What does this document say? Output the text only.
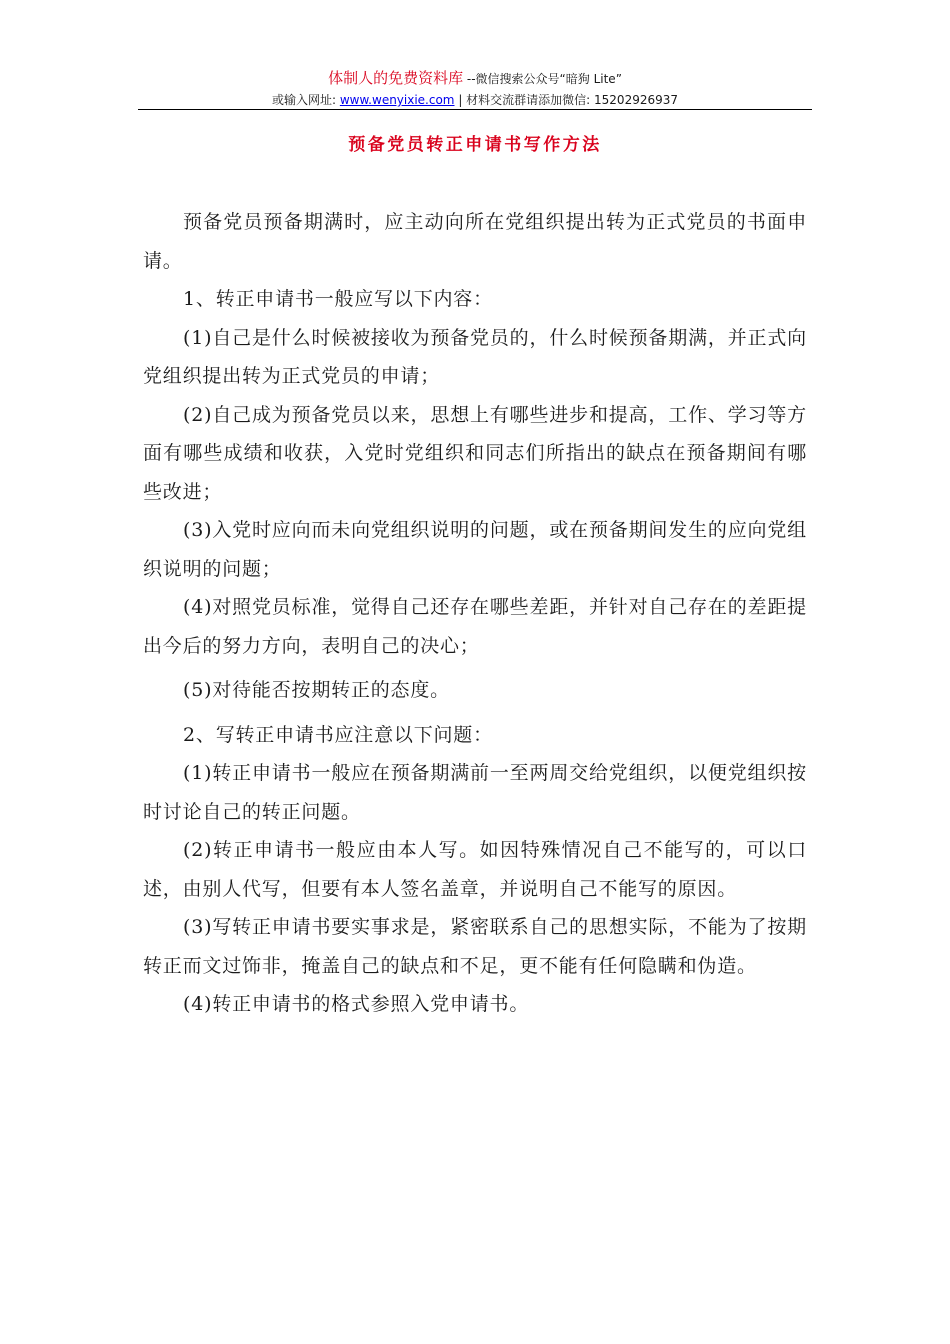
体制人的免费资料库 --微信搜索公众号“暗狗 Lite”
或输入网址: www.wenyixie.com | 材料交流群请添加微信: 15202926937
预备党员转正申请书写作方法

预备党员预备期满时，应主动向所在党组织提出转为正式党员的书面申请。

1、转正申请书一般应写以下内容：

(1)自己是什么时候被接收为预备党员的，什么时候预备期满，并正式向党组织提出转为正式党员的申请；

(2)自己成为预备党员以来，思想上有哪些进步和提高，工作、学习等方面有哪些成绩和收获，入党时党组织和同志们所指出的缺点在预备期间有哪些改进；

(3)入党时应向而未向党组织说明的问题，或在预备期间发生的应向党组织说明的问题；

(4)对照党员标准，觉得自己还存在哪些差距，并针对自己存在的差距提出今后的努力方向，表明自己的决心；

(5)对待能否按期转正的态度。

2、写转正申请书应注意以下问题：

(1)转正申请书一般应在预备期满前一至两周交给党组织，以便党组织按时讨论自己的转正问题。

(2)转正申请书一般应由本人写。如因特殊情况自己不能写的，可以口述，由别人代写，但要有本人签名盖章，并说明自己不能写的原因。

(3)写转正申请书要实事求是，紧密联系自己的思想实际，不能为了按期转正而文过饰非，掩盖自己的缺点和不足，更不能有任何隐瞒和伪造。

(4)转正申请书的格式参照入党申请书。
